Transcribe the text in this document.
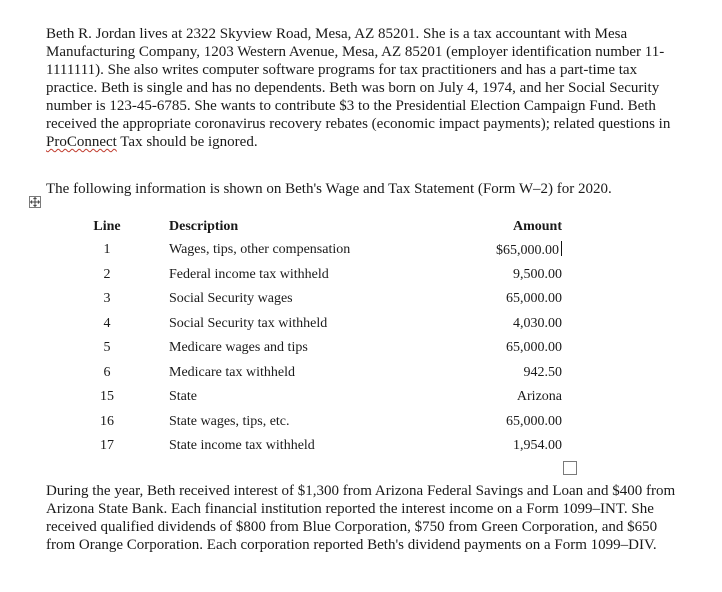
Beth R. Jordan lives at 2322 Skyview Road, Mesa, AZ 85201. She is a tax accountant with Mesa Manufacturing Company, 1203 Western Avenue, Mesa, AZ 85201 (employer identification number 11-1111111). She also writes computer software programs for tax practitioners and has a part-time tax practice. Beth is single and has no dependents. Beth was born on July 4, 1974, and her Social Security number is 123-45-6785. She wants to contribute $3 to the Presidential Election Campaign Fund. Beth received the appropriate coronavirus recovery rebates (economic impact payments); related questions in ProConnect Tax should be ignored.

The following information is shown on Beth's Wage and Tax Statement (Form W–2) for 2020.

Line	Description	Amount
1	Wages, tips, other compensation	$65,000.00
2	Federal income tax withheld	9,500.00
3	Social Security wages	65,000.00
4	Social Security tax withheld	4,030.00
5	Medicare wages and tips	65,000.00
6	Medicare tax withheld	942.50
15	State	Arizona
16	State wages, tips, etc.	65,000.00
17	State income tax withheld	1,954.00

During the year, Beth received interest of $1,300 from Arizona Federal Savings and Loan and $400 from Arizona State Bank. Each financial institution reported the interest income on a Form 1099–INT. She received qualified dividends of $800 from Blue Corporation, $750 from Green Corporation, and $650 from Orange Corporation. Each corporation reported Beth's dividend payments on a Form 1099–DIV.
